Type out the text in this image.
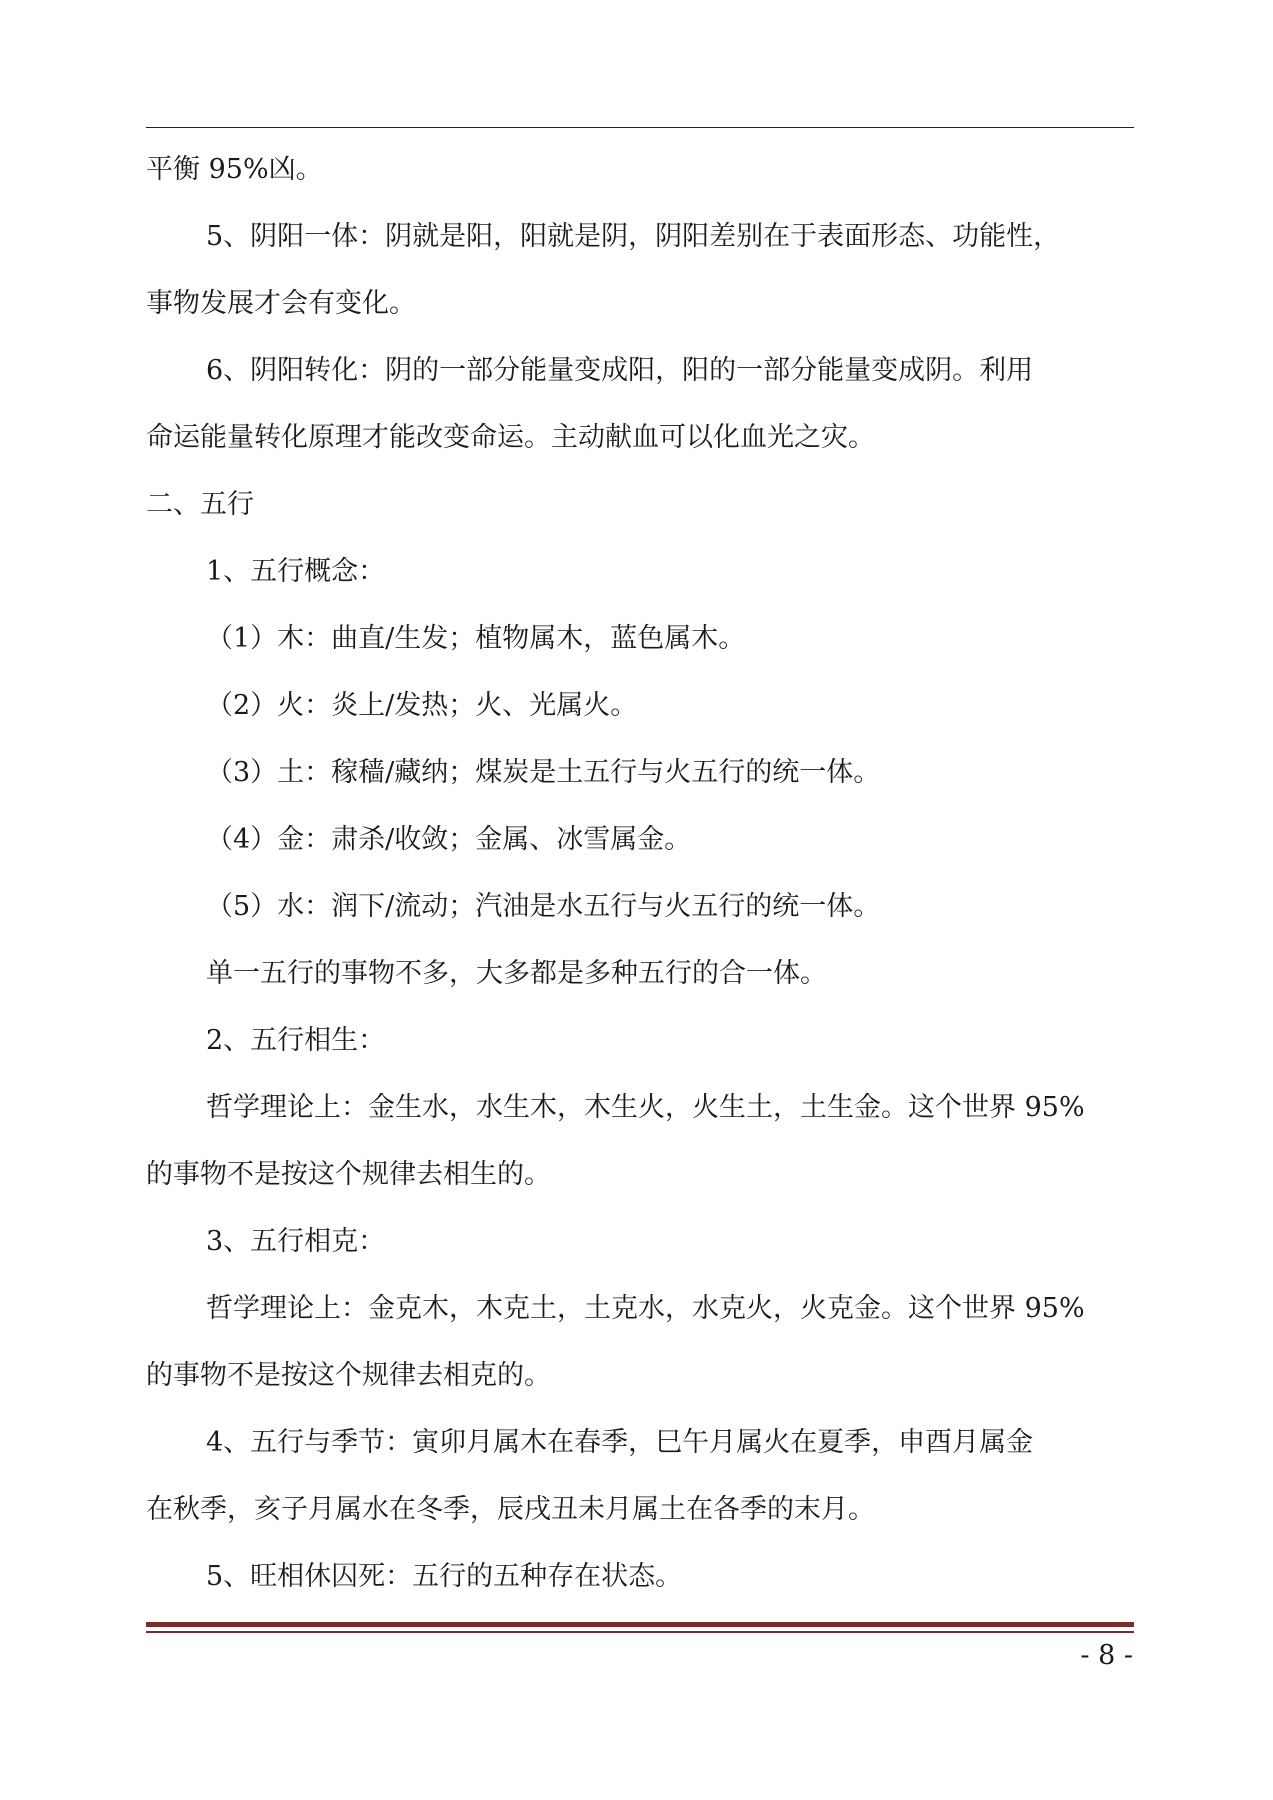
平衡 95%凶。
5、阴阳一体：阴就是阳，阳就是阴，阴阳差别在于表面形态、功能性，
事物发展才会有变化。
6、阴阳转化：阴的一部分能量变成阳，阳的一部分能量变成阴。利用
命运能量转化原理才能改变命运。主动献血可以化血光之灾。
二、五行
1、五行概念：
（1）木：曲直/生发；植物属木，蓝色属木。
（2）火：炎上/发热；火、光属火。
（3）土：稼穑/藏纳；煤炭是土五行与火五行的统一体。
（4）金：肃杀/收敛；金属、冰雪属金。
（5）水：润下/流动；汽油是水五行与火五行的统一体。
单一五行的事物不多，大多都是多种五行的合一体。
2、五行相生：
哲学理论上：金生水，水生木，木生火，火生土，土生金。这个世界 95%
的事物不是按这个规律去相生的。
3、五行相克：
哲学理论上：金克木，木克土，土克水，水克火，火克金。这个世界 95%
的事物不是按这个规律去相克的。
4、五行与季节：寅卯月属木在春季，巳午月属火在夏季，申酉月属金
在秋季，亥子月属水在冬季，辰戌丑未月属土在各季的末月。
5、旺相休囚死：五行的五种存在状态。
- 8 -
